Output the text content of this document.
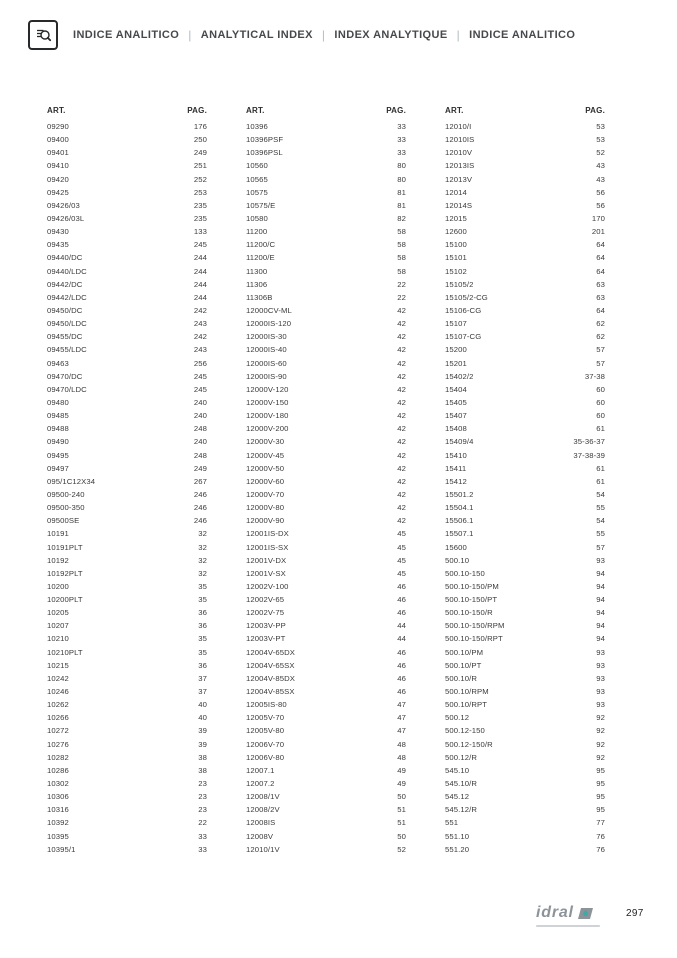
INDICE ANALITICO | ANALYTICAL INDEX | INDEX ANALYTIQUE | INDICE ANALITICO
ART.	PAG.
09290	176
09400	250
09401	249
09410	251
09420	252
09425	253
09426/03	235
09426/03L	235
09430	133
09435	245
09440/DC	244
09440/LDC	244
09442/DC	244
09442/LDC	244
09450/DC	242
09450/LDC	243
09455/DC	242
09455/LDC	243
09463	256
09470/DC	245
09470/LDC	245
09480	240
09485	240
09488	248
09490	240
09495	248
09497	249
095/1C12X34	267
09500-240	246
09500-350	246
09500SE	246
10191	32
10191PLT	32
10192	32
10192PLT	32
10200	35
10200PLT	35
10205	36
10207	36
10210	35
10210PLT	35
10215	36
10242	37
10246	37
10262	40
10266	40
10272	39
10276	39
10282	38
10286	38
10302	23
10306	23
10316	23
10392	22
10395	33
10395/1	33
ART.	PAG.
10396	33
10396PSF	33
10396PSL	33
10560	80
10565	80
10575	81
10575/E	81
10580	82
11200	58
11200/C	58
11200/E	58
11300	58
11306	22
11306B	22
12000CV-ML	42
12000IS-120	42
12000IS-30	42
12000IS-40	42
12000IS-60	42
12000IS-90	42
12000V-120	42
12000V-150	42
12000V-180	42
12000V-200	42
12000V-30	42
12000V-45	42
12000V-50	42
12000V-60	42
12000V-70	42
12000V-80	42
12000V-90	42
12001IS-DX	45
12001IS-SX	45
12001V-DX	45
12001V-SX	45
12002V-100	46
12002V-65	46
12002V-75	46
12003V-PP	44
12003V-PT	44
12004V-65DX	46
12004V-65SX	46
12004V-85DX	46
12004V-85SX	46
12005IS-80	47
12005V-70	47
12005V-80	47
12006V-70	48
12006V-80	48
12007.1	49
12007.2	49
12008/1V	50
12008/2V	51
12008IS	51
12008V	50
12010/1V	52
ART.	PAG.
12010/I	53
12010IS	53
12010V	52
12013IS	43
12013V	43
12014	56
12014S	56
12015	170
12600	201
15100	64
15101	64
15102	64
15105/2	63
15105/2-CG	63
15106-CG	64
15107	62
15107-CG	62
15200	57
15201	57
15402/2	37-38
15404	60
15405	60
15407	60
15408	61
15409/4	35-36-37
15410	37-38-39
15411	61
15412	61
15501.2	54
15504.1	55
15506.1	54
15507.1	55
15600	57
500.10	93
500.10-150	94
500.10-150/PM	94
500.10-150/PT	94
500.10-150/R	94
500.10-150/RPM	94
500.10-150/RPT	94
500.10/PM	93
500.10/PT	93
500.10/R	93
500.10/RPM	93
500.10/RPT	93
500.12	92
500.12-150	92
500.12-150/R	92
500.12/R	92
545.10	95
545.10/R	95
545.12	95
545.12/R	95
551	77
551.10	76
551.20	76
idral	297
